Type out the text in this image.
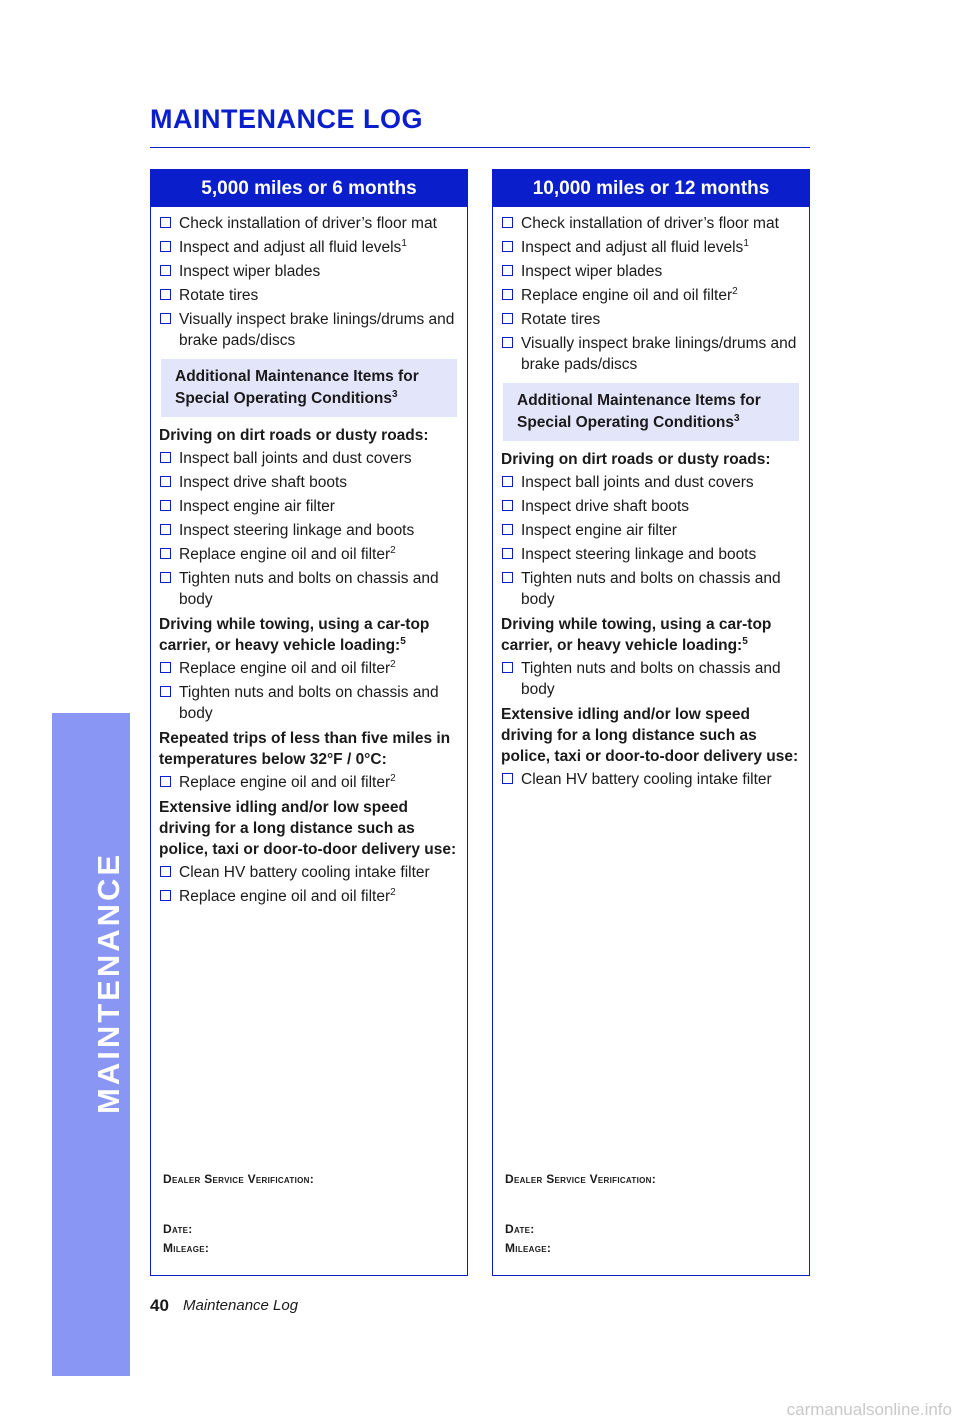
MAINTENANCE LOG
MAINTENANCE
5,000 miles or 6 months
Check installation of driver’s floor mat
Inspect and adjust all fluid levels$^1$
Inspect wiper blades
Rotate tires
Visually inspect brake linings/drums and brake pads/discs
Additional Maintenance Items for Special Operating Conditions$^3$
Driving on dirt roads or dusty roads:
Inspect ball joints and dust covers
Inspect drive shaft boots
Inspect engine air filter
Inspect steering linkage and boots
Replace engine oil and oil filter$^2$
Tighten nuts and bolts on chassis and body
Driving while towing, using a car-top carrier, or heavy vehicle loading:$^5$
Replace engine oil and oil filter$^2$
Tighten nuts and bolts on chassis and body
Repeated trips of less than five miles in temperatures below 32°F / 0°C:
Replace engine oil and oil filter$^2$
Extensive idling and/or low speed driving for a long distance such as police, taxi or door-to-door delivery use:
Clean HV battery cooling intake filter
Replace engine oil and oil filter$^2$
Dealer Service Verification:
Date:
Mileage:
10,000 miles or 12 months
Check installation of driver’s floor mat
Inspect and adjust all fluid levels$^1$
Inspect wiper blades
Replace engine oil and oil filter$^2$
Rotate tires
Visually inspect brake linings/drums and brake pads/discs
Additional Maintenance Items for Special Operating Conditions$^3$
Driving on dirt roads or dusty roads:
Inspect ball joints and dust covers
Inspect drive shaft boots
Inspect engine air filter
Inspect steering linkage and boots
Tighten nuts and bolts on chassis and body
Driving while towing, using a car-top carrier, or heavy vehicle loading:$^5$
Tighten nuts and bolts on chassis and body
Extensive idling and/or low speed driving for a long distance such as police, taxi or door-to-door delivery use:
Clean HV battery cooling intake filter
Dealer Service Verification:
Date:
Mileage:
40 Maintenance Log
carmanualsonline.info
